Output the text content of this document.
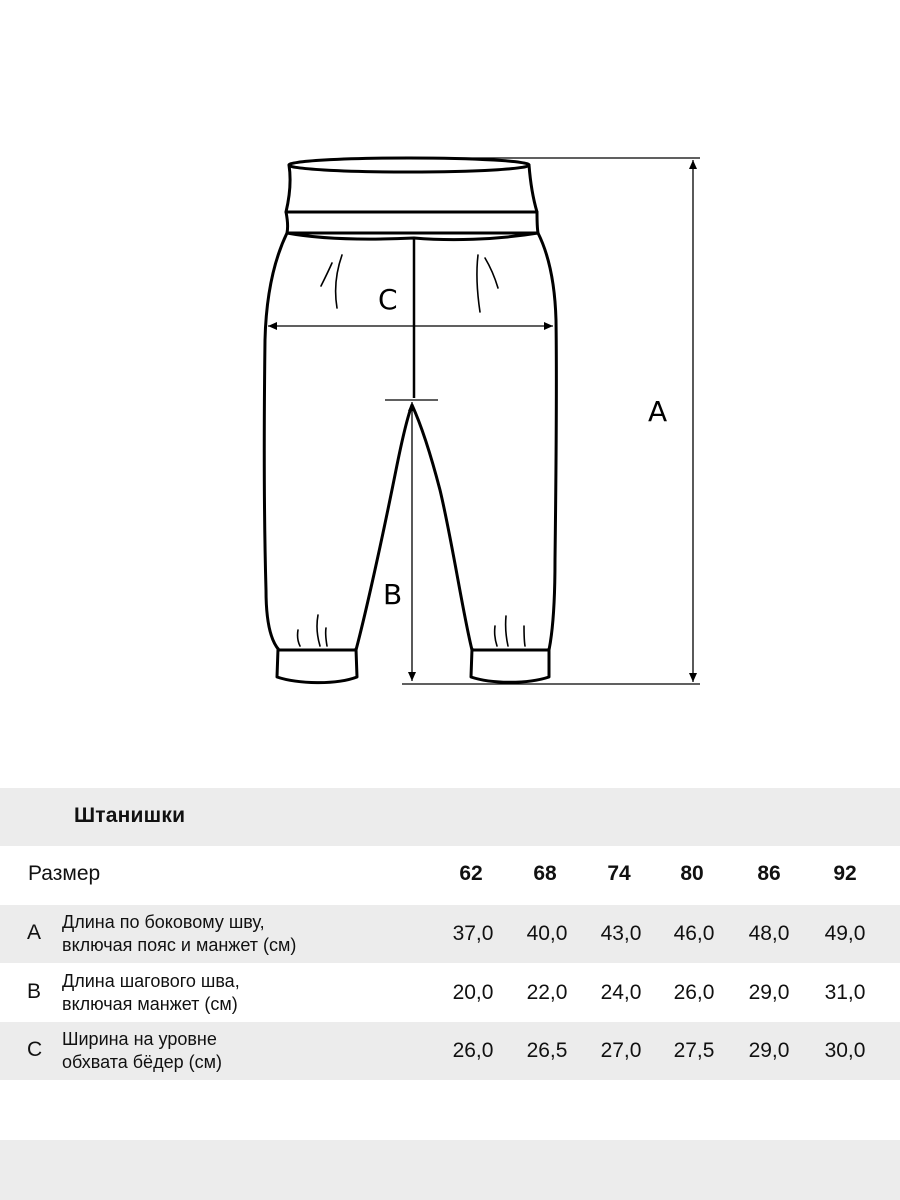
A
B
C
Штанишки
Размер	62	68	74	80	86	92
A Длина по боковому шву,
включая пояс и манжет (см)	37,0	40,0	43,0	46,0	48,0	49,0
B Длина шагового шва,
включая манжет (см)	20,0	22,0	24,0	26,0	29,0	31,0
C Ширина на уровне
обхвата бёдер (см)	26,0	26,5	27,0	27,5	29,0	30,0
